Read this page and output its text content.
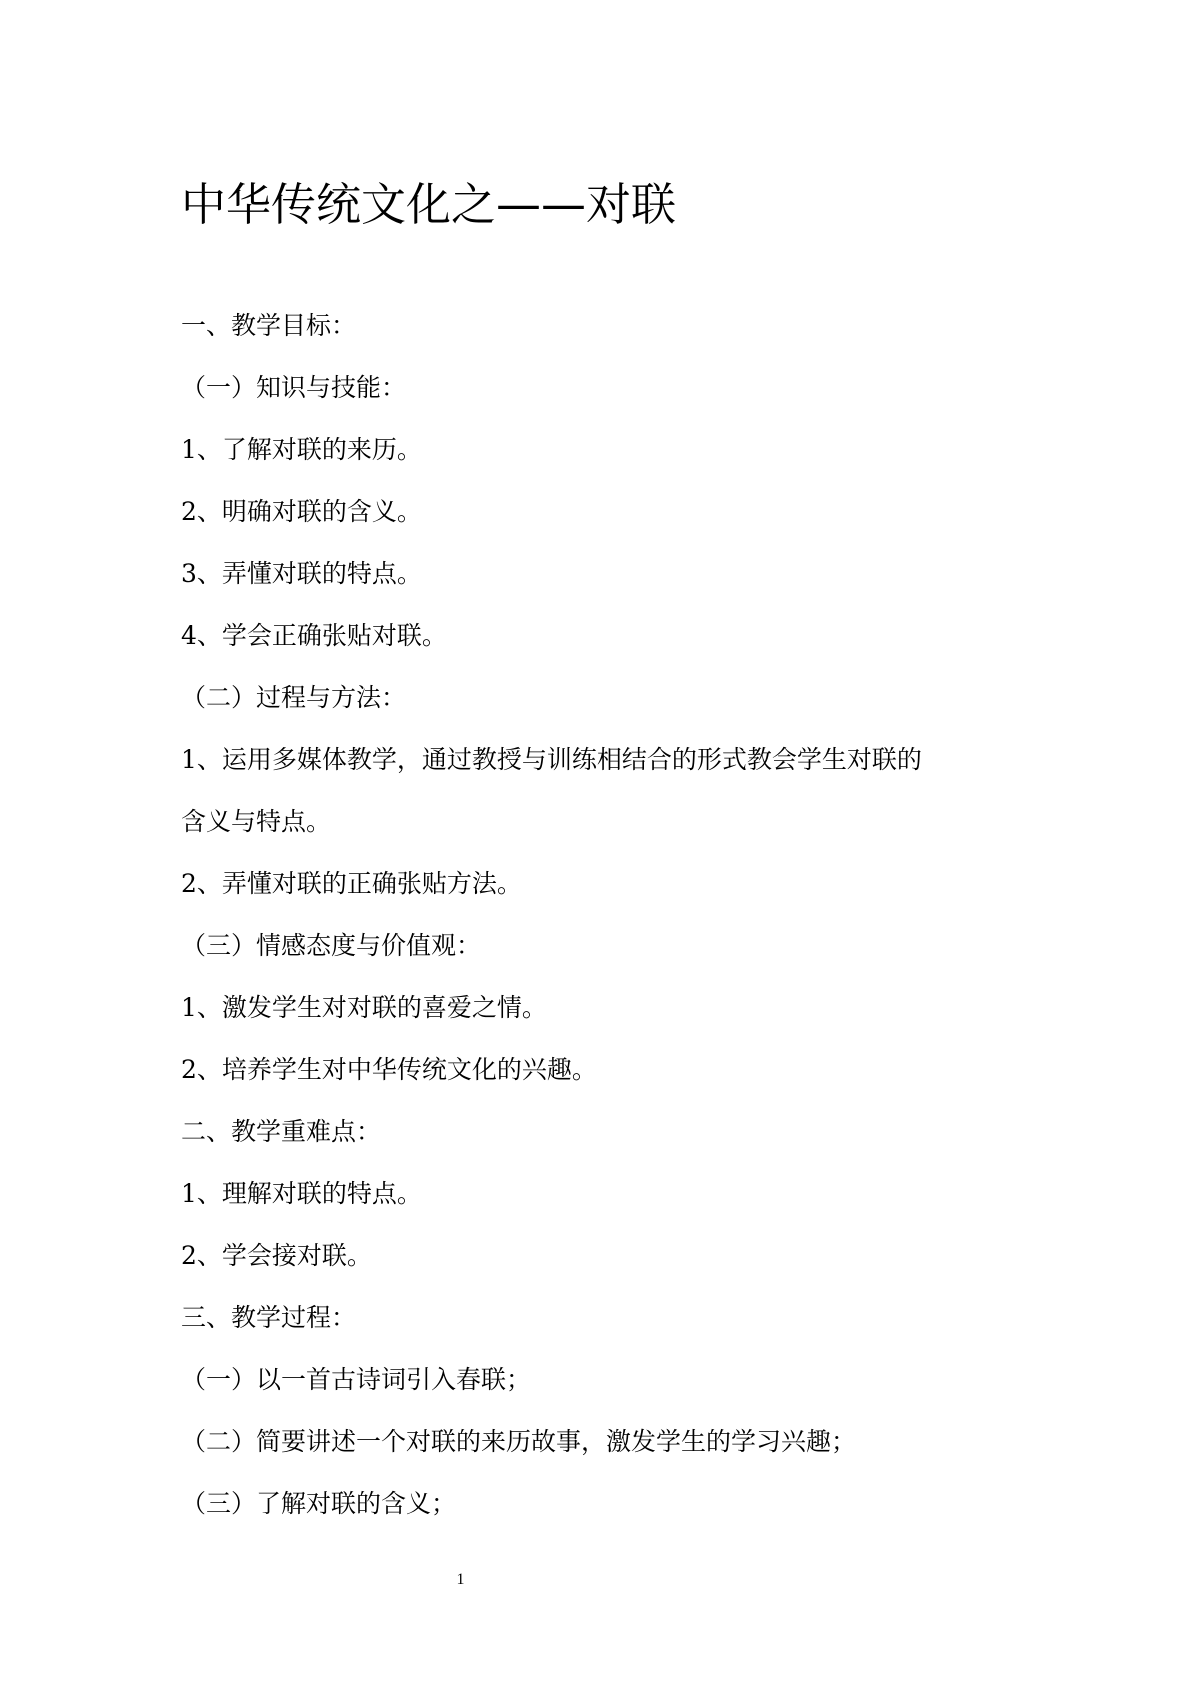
中华传统文化之——对联
一、教学目标：
（一）知识与技能：
1、了解对联的来历。
2、明确对联的含义。
3、弄懂对联的特点。
4、学会正确张贴对联。
（二）过程与方法：
1、运用多媒体教学，通过教授与训练相结合的形式教会学生对联的
含义与特点。
2、弄懂对联的正确张贴方法。
（三）情感态度与价值观：
1、激发学生对对联的喜爱之情。
2、培养学生对中华传统文化的兴趣。
二、教学重难点：
1、理解对联的特点。
2、学会接对联。
三、教学过程：
（一）以一首古诗词引入春联；
（二）简要讲述一个对联的来历故事，激发学生的学习兴趣；
（三）了解对联的含义；
1
